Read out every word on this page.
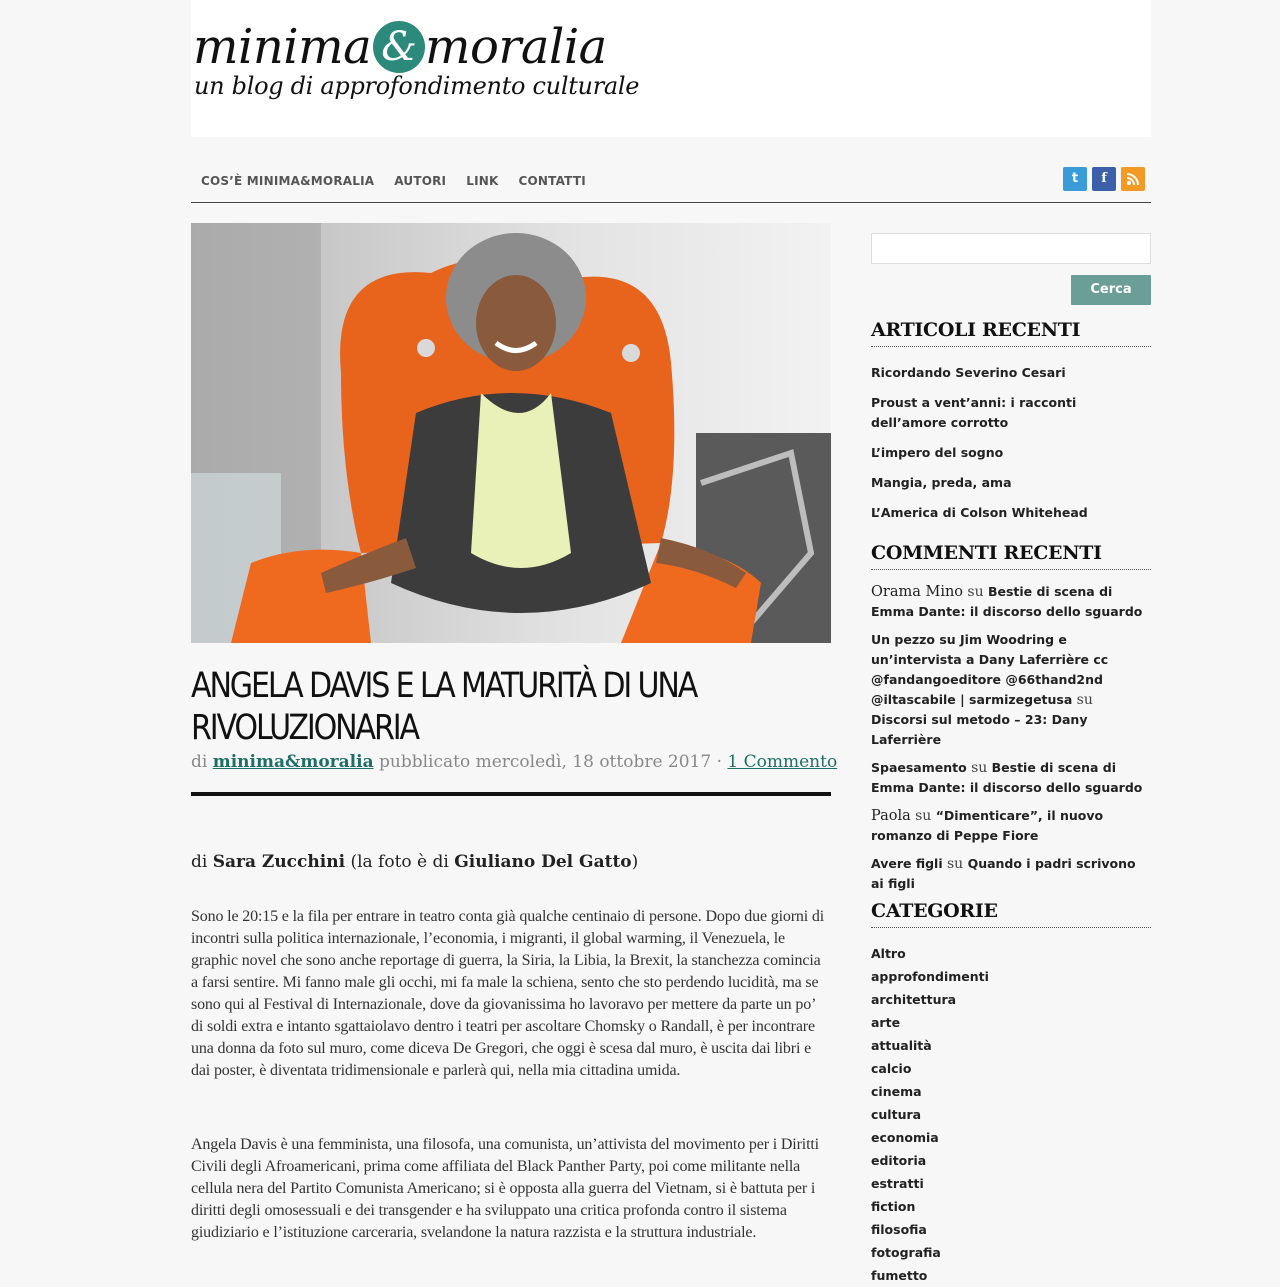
minima & moralia
un blog di approfondimento culturale
COS’È MINIMA&MORALIA AUTORI LINK CONTATTI	t	f
ANGELA DAVIS E LA MATURITÀ DI UNA RIVOLUZIONARIA
di minima&moralia pubblicato mercoledì, 18 ottobre 2017 · 1 Commento
di Sara Zucchini (la foto è di Giuliano Del Gatto)

Sono le 20:15 e la fila per entrare in teatro conta già qualche centinaio di persone. Dopo due giorni di incontri sulla politica internazionale, l’economia, i migranti, il global warming, il Venezuela, le graphic novel che sono anche reportage di guerra, la Siria, la Libia, la Brexit, la stanchezza comincia a farsi sentire. Mi fanno male gli occhi, mi fa male la schiena, sento che sto perdendo lucidità, ma se sono qui al Festival di Internazionale, dove da giovanissima ho lavoravo per mettere da parte un po’ di soldi extra e intanto sgattaiolavo dentro i teatri per ascoltare Chomsky o Randall, è per incontrare una donna da foto sul muro, come diceva De Gregori, che oggi è scesa dal muro, è uscita dai libri e dai poster, è diventata tridimensionale e parlerà qui, nella mia cittadina umida.

Angela Davis è una femminista, una filosofa, una comunista, un’attivista del movimento per i Diritti Civili degli Afroamericani, prima come affiliata del Black Panther Party, poi come militante nella cellula nera del Partito Comunista Americano; si è opposta alla guerra del Vietnam, si è battuta per i diritti degli omosessuali e dei transgender e ha sviluppato una critica profonda contro il sistema giudiziario e l’istituzione carceraria, svelandone la natura razzista e la struttura industriale.

Cerca
ARTICOLI RECENTI
Ricordando Severino Cesari
Proust a vent’anni: i racconti dell’amore corrotto
L’impero del sogno
Mangia, preda, ama
L’America di Colson Whitehead
COMMENTI RECENTI
Orama Mino su Bestie di scena di Emma Dante: il discorso dello sguardo
Un pezzo su Jim Woodring e un’intervista a Dany Laferrière cc @fandangoeditore @66thand2nd @iltascabile | sarmizegetusa su Discorsi sul metodo – 23: Dany Laferrière
Spaesamento su Bestie di scena di Emma Dante: il discorso dello sguardo
Paola su “Dimenticare”, il nuovo romanzo di Peppe Fiore
Avere figli su Quando i padri scrivono ai figli
CATEGORIE
Altro
approfondimenti
architettura
arte
attualità
calcio
cinema
cultura
economia
editoria
estratti
fiction
filosofia
fotografia
fumetto
